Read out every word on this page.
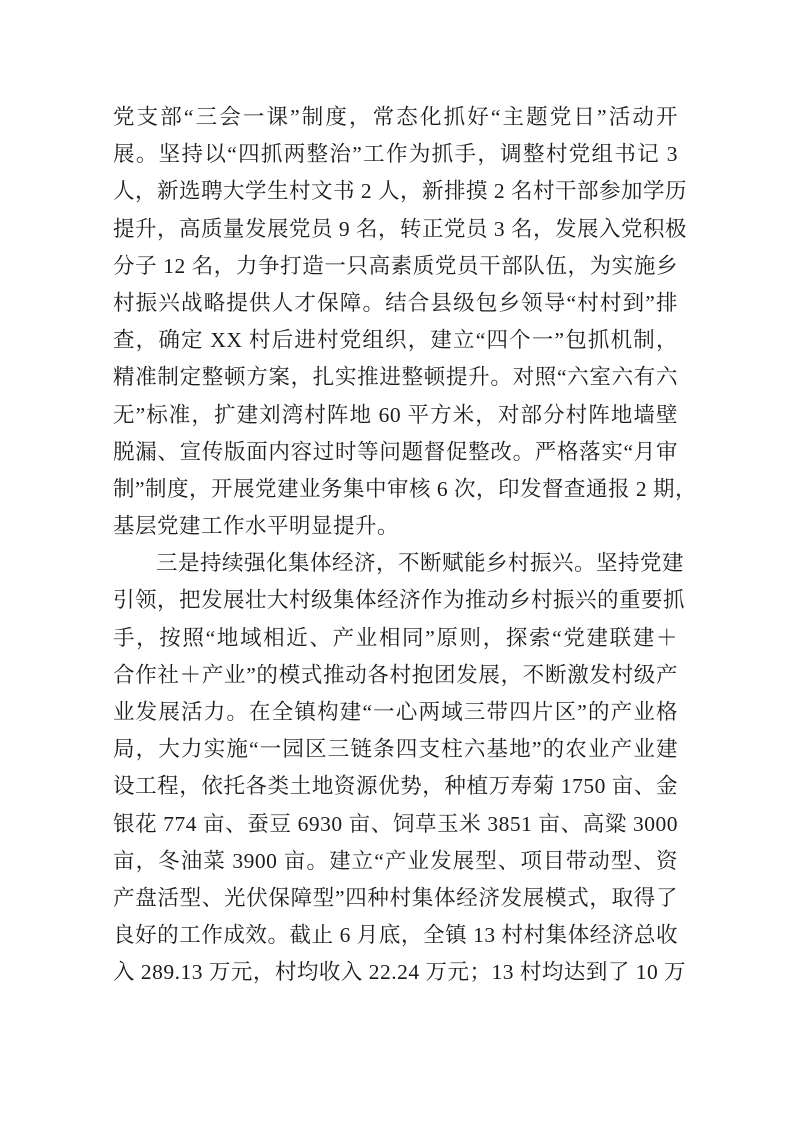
党支部“三会一课”制度，常态化抓好“主题党日”活动开
展。坚持以“四抓两整治”工作为抓手，调整村党组书记 3
人，新选聘大学生村文书 2 人，新排摸 2 名村干部参加学历
提升，高质量发展党员 9 名，转正党员 3 名，发展入党积极
分子 12 名，力争打造一只高素质党员干部队伍，为实施乡
村振兴战略提供人才保障。结合县级包乡领导“村村到”排
查，确定 XX 村后进村党组织，建立“四个一”包抓机制，
精准制定整顿方案，扎实推进整顿提升。对照“六室六有六
无”标准，扩建刘湾村阵地 60 平方米，对部分村阵地墙壁
脱漏、宣传版面内容过时等问题督促整改。严格落实“月审
制”制度，开展党建业务集中审核 6 次，印发督查通报 2 期，
基层党建工作水平明显提升。
三是持续强化集体经济，不断赋能乡村振兴。坚持党建
引领，把发展壮大村级集体经济作为推动乡村振兴的重要抓
手，按照“地域相近、产业相同”原则，探索“党建联建＋
合作社＋产业”的模式推动各村抱团发展，不断激发村级产
业发展活力。在全镇构建“一心两域三带四片区”的产业格
局，大力实施“一园区三链条四支柱六基地”的农业产业建
设工程，依托各类土地资源优势，种植万寿菊 1750 亩、金
银花 774 亩、蚕豆 6930 亩、饲草玉米 3851 亩、高粱 3000
亩，冬油菜 3900 亩。建立“产业发展型、项目带动型、资
产盘活型、光伏保障型”四种村集体经济发展模式，取得了
良好的工作成效。截止 6 月底，全镇 13 村村集体经济总收
入 289.13 万元，村均收入 22.24 万元；13 村均达到了 10 万
